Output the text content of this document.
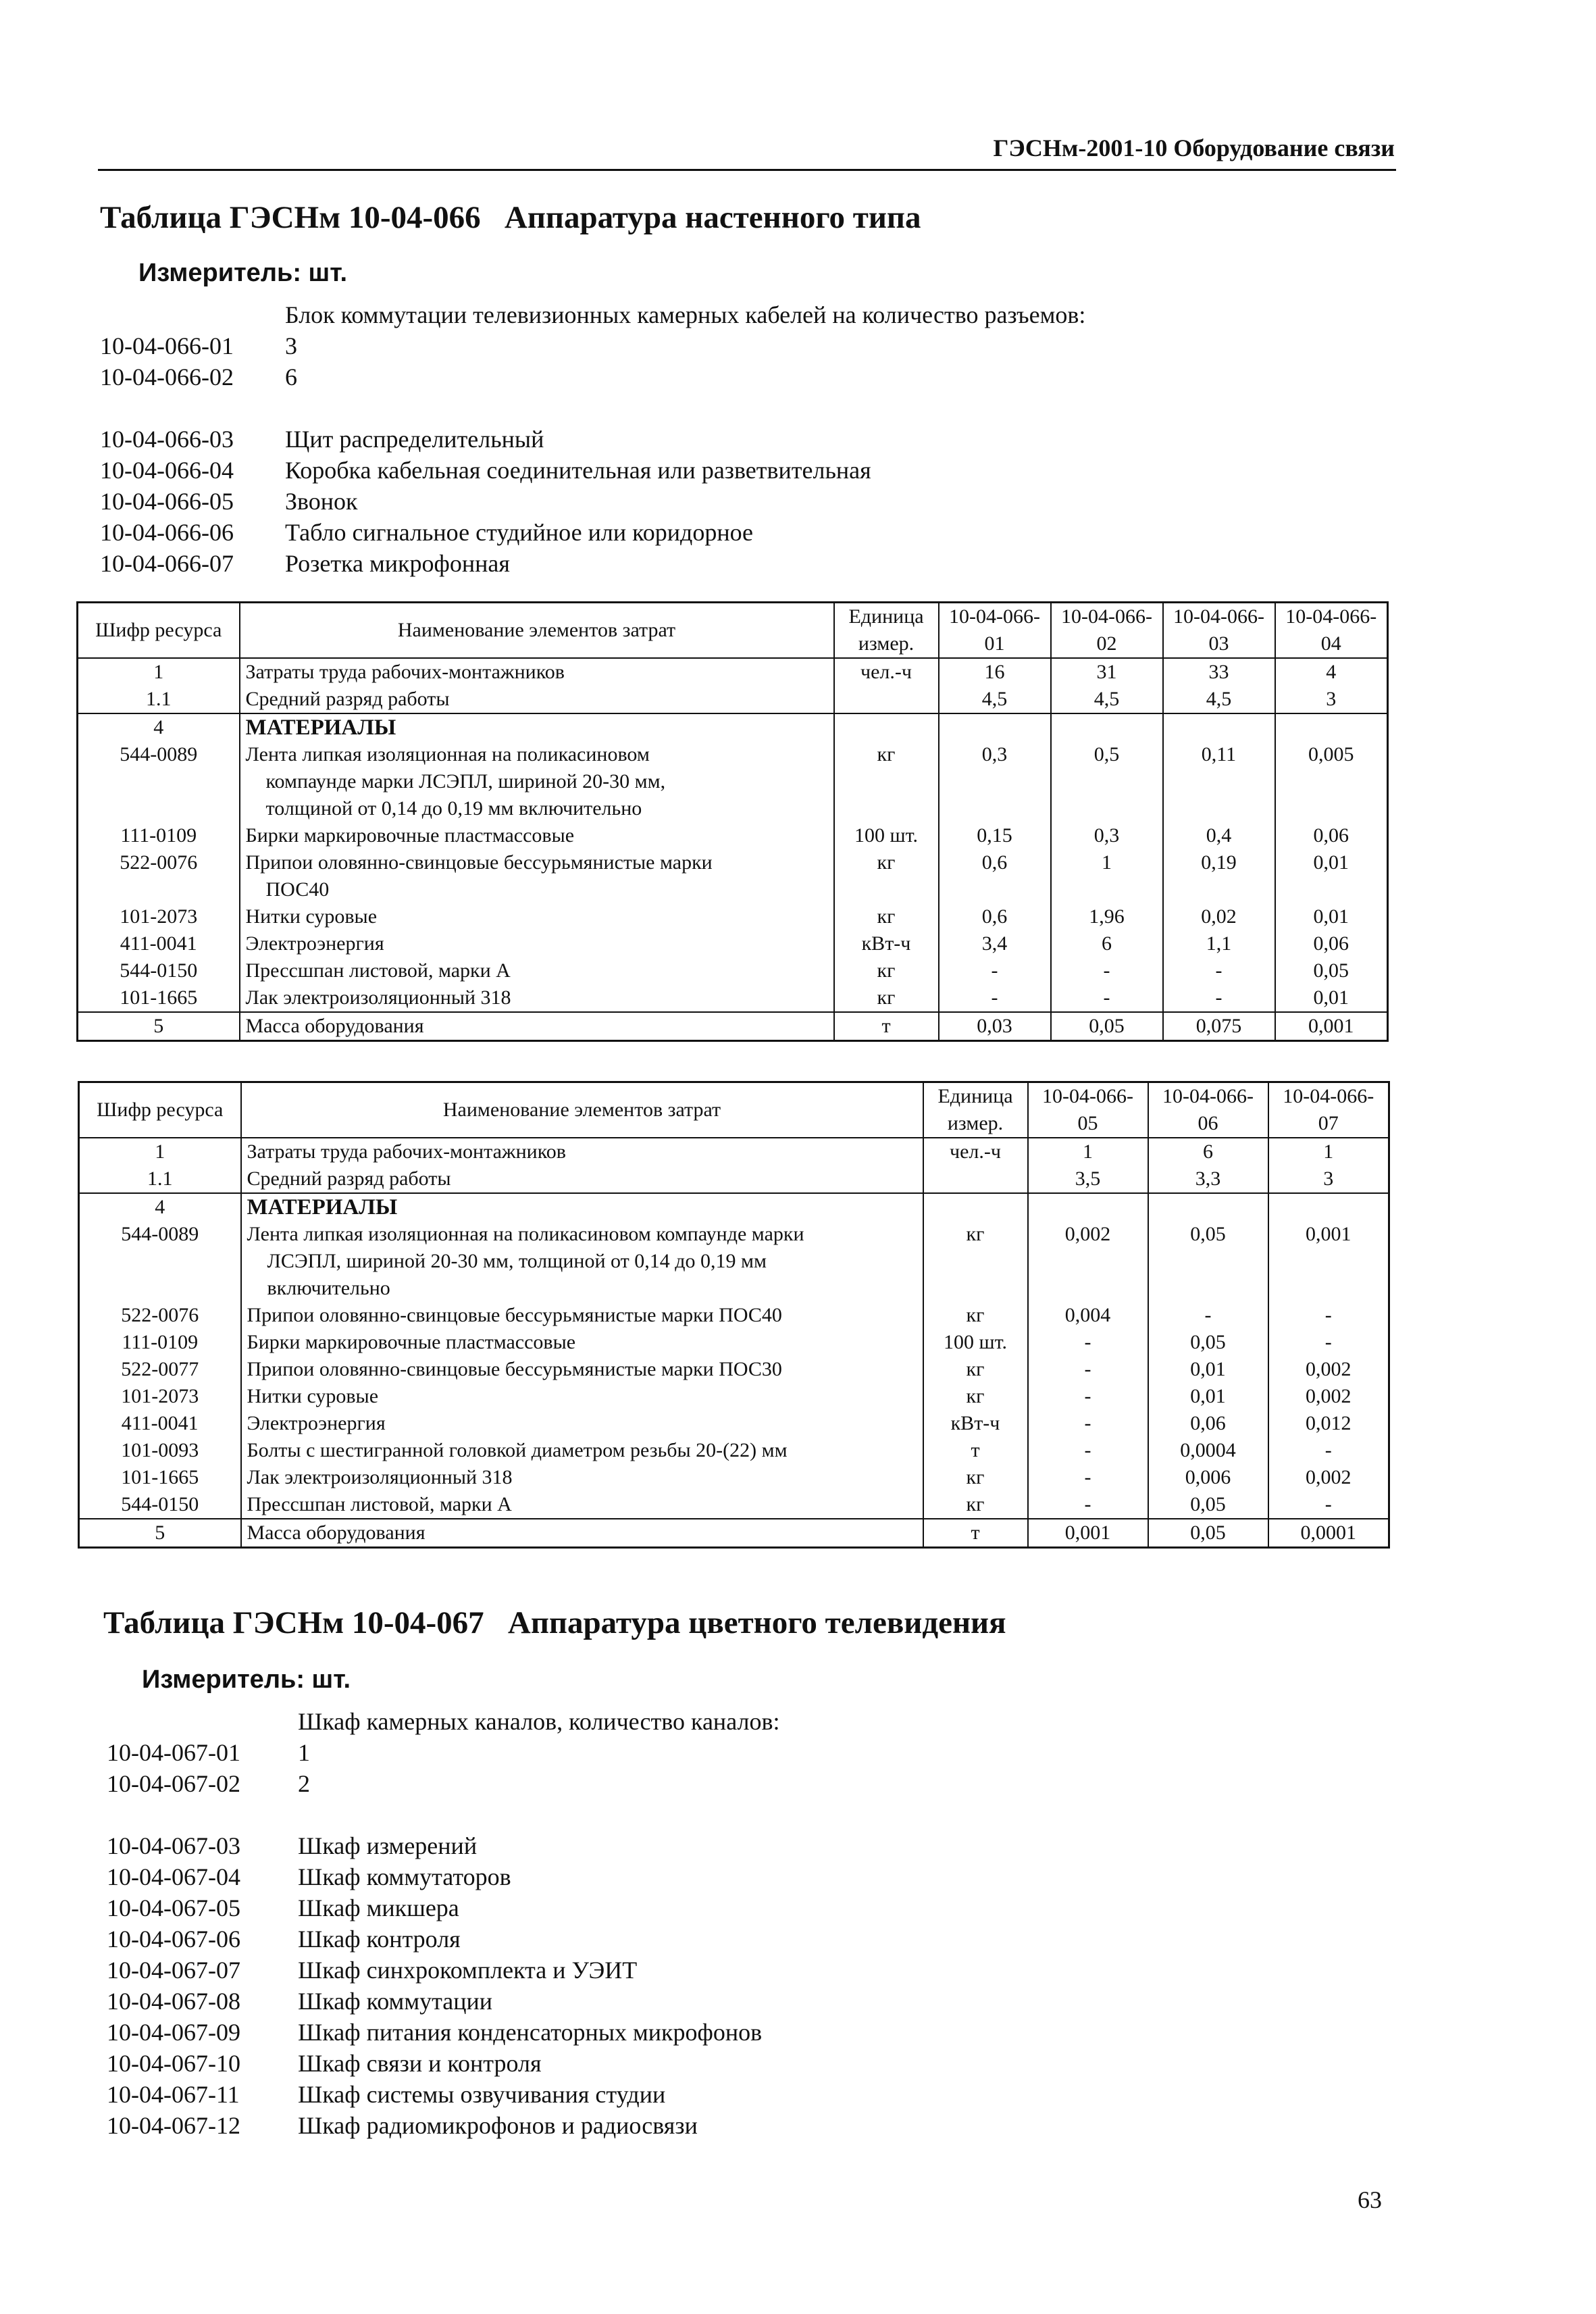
ГЭСНм-2001-10 Оборудование связи
Таблица ГЭСНм 10-04-066   Аппаратура настенного типа
Измеритель: шт.
Блок коммутации телевизионных камерных кабелей на количество разъемов:
10-04-066-01	3
10-04-066-02	6
10-04-066-03	Щит распределительный
10-04-066-04	Коробка кабельная соединительная или разветвительная
10-04-066-05	Звонок
10-04-066-06	Табло сигнальное студийное или коридорное
10-04-066-07	Розетка микрофонная
Шифр ресурса	Наименование элементов затрат	Единица измер.	10-04-066-01	10-04-066-02	10-04-066-03	10-04-066-04
1	Затраты труда рабочих-монтажников	чел.-ч	16	31	33	4
1.1	Средний разряд работы		4,5	4,5	4,5	3
4	МАТЕРИАЛЫ					

544-0089	Лента липкая изоляционная на поликасиновом
компаунде марки ЛСЭПЛ, шириной 20-30 мм,
толщиной от 0,14 до 0,19 мм включительно	кг	0,3	0,5	0,11	0,005
111-0109	Бирки маркировочные пластмассовые	100 шт.	0,15	0,3	0,4	0,06
522-0076	Припои оловянно-свинцовые бессурьмянистые марки
ПОС40	кг	0,6	1	0,19	0,01
101-2073	Нитки суровые	кг	0,6	1,96	0,02	0,01
411-0041	Электроэнергия	кВт-ч	3,4	6	1,1	0,06
544-0150	Прессшпан листовой, марки А	кг	-	-	-	0,05
101-1665	Лак электроизоляционный 318	кг	-	-	-	0,01
5	Масса оборудования	т	0,03	0,05	0,075	0,001
Шифр ресурса	Наименование элементов затрат	Единица измер.	10-04-066-05	10-04-066-06	10-04-066-07
1	Затраты труда рабочих-монтажников	чел.-ч	1	6	1
1.1	Средний разряд работы		3,5	3,3	3
4	МАТЕРИАЛЫ				

544-0089	Лента липкая изоляционная на поликасиновом компаунде марки
ЛСЭПЛ, шириной 20-30 мм, толщиной от 0,14 до 0,19 мм
включительно	кг	0,002	0,05	0,001
522-0076	Припои оловянно-свинцовые бессурьмянистые марки ПОС40	кг	0,004	-	-
111-0109	Бирки маркировочные пластмассовые	100 шт.	-	0,05	-
522-0077	Припои оловянно-свинцовые бессурьмянистые марки ПОС30	кг	-	0,01	0,002
101-2073	Нитки суровые	кг	-	0,01	0,002
411-0041	Электроэнергия	кВт-ч	-	0,06	0,012
101-0093	Болты с шестигранной головкой диаметром резьбы 20-(22) мм	т	-	0,0004	-
101-1665	Лак электроизоляционный 318	кг	-	0,006	0,002
544-0150	Прессшпан листовой, марки А	кг	-	0,05	-
5	Масса оборудования	т	0,001	0,05	0,0001
Таблица ГЭСНм 10-04-067   Аппаратура цветного телевидения
Измеритель: шт.
Шкаф камерных каналов, количество каналов:
10-04-067-01	1
10-04-067-02	2
10-04-067-03	Шкаф измерений
10-04-067-04	Шкаф коммутаторов
10-04-067-05	Шкаф микшера
10-04-067-06	Шкаф контроля
10-04-067-07	Шкаф синхрокомплекта и УЭИТ
10-04-067-08	Шкаф коммутации
10-04-067-09	Шкаф питания конденсаторных микрофонов
10-04-067-10	Шкаф связи и контроля
10-04-067-11	Шкаф системы озвучивания студии
10-04-067-12	Шкаф радиомикрофонов и радиосвязи
63
